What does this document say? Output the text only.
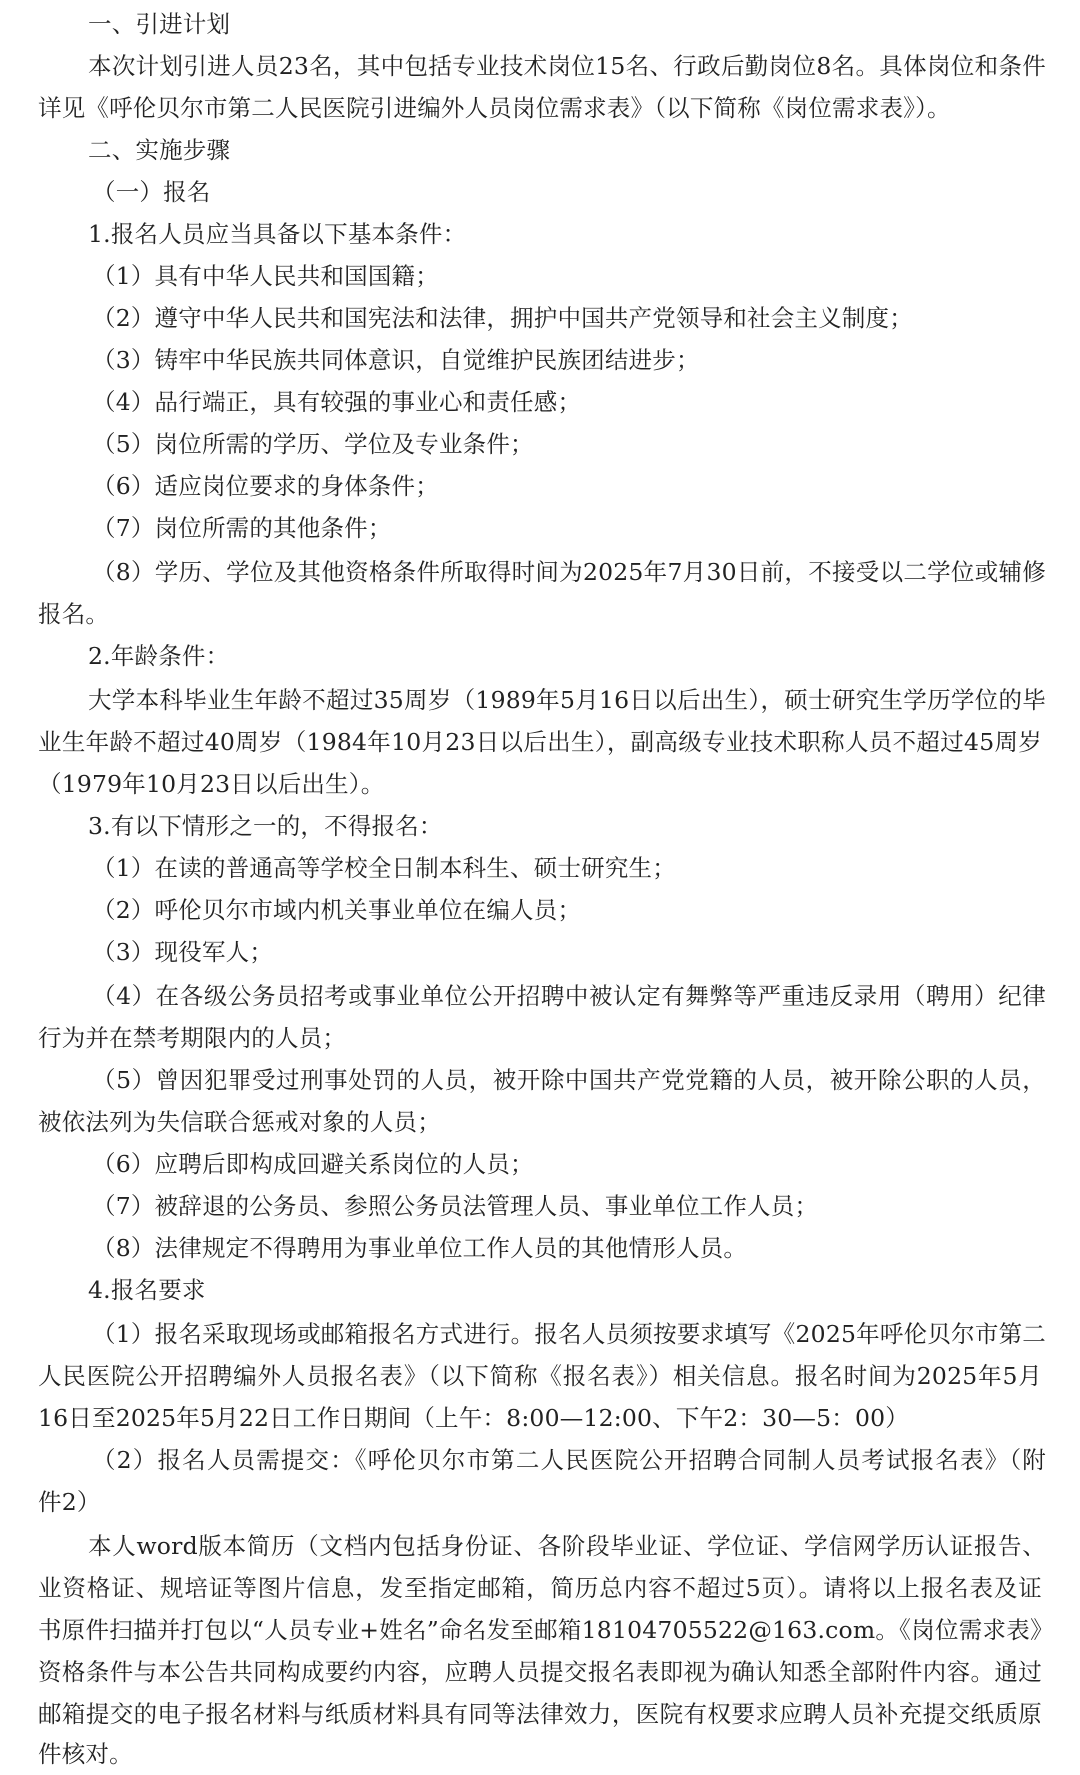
一、引进计划
本次计划引进人员23名，其中包括专业技术岗位15名、行政后勤岗位8名。具体岗位和条件
详见《呼伦贝尔市第二人民医院引进编外人员岗位需求表》（以下简称《岗位需求表》）。
二、实施步骤
（一）报名
1.报名人员应当具备以下基本条件：
（1）具有中华人民共和国国籍；
（2）遵守中华人民共和国宪法和法律，拥护中国共产党领导和社会主义制度；
（3）铸牢中华民族共同体意识，自觉维护民族团结进步；
（4）品行端正，具有较强的事业心和责任感；
（5）岗位所需的学历、学位及专业条件；
（6）适应岗位要求的身体条件；
（7）岗位所需的其他条件；
（8）学历、学位及其他资格条件所取得时间为2025年7月30日前，不接受以二学位或辅修
报名。
2.年龄条件：
大学本科毕业生年龄不超过35周岁（1989年5月16日以后出生），硕士研究生学历学位的毕
业生年龄不超过40周岁（1984年10月23日以后出生），副高级专业技术职称人员不超过45周岁
（1979年10月23日以后出生）。
3.有以下情形之一的，不得报名：
（1）在读的普通高等学校全日制本科生、硕士研究生；
（2）呼伦贝尔市域内机关事业单位在编人员；
（3）现役军人；
（4）在各级公务员招考或事业单位公开招聘中被认定有舞弊等严重违反录用（聘用）纪律
行为并在禁考期限内的人员；
（5）曾因犯罪受过刑事处罚的人员，被开除中国共产党党籍的人员，被开除公职的人员，
被依法列为失信联合惩戒对象的人员；
（6）应聘后即构成回避关系岗位的人员；
（7）被辞退的公务员、参照公务员法管理人员、事业单位工作人员；
（8）法律规定不得聘用为事业单位工作人员的其他情形人员。
4.报名要求
（1）报名采取现场或邮箱报名方式进行。报名人员须按要求填写《2025年呼伦贝尔市第二
人民医院公开招聘编外人员报名表》（以下简称《报名表》）相关信息。报名时间为2025年5月
16日至2025年5月22日工作日期间（上午：8:00—12:00、下午2：30—5：00）
（2）报名人员需提交：《呼伦贝尔市第二人民医院公开招聘合同制人员考试报名表》（附
件2）
本人word版本简历（文档内包括身份证、各阶段毕业证、学位证、学信网学历认证报告、
业资格证、规培证等图片信息，发至指定邮箱，简历总内容不超过5页）。请将以上报名表及证
书原件扫描并打包以“人员专业+姓名”命名发至邮箱18104705522@163.com。《岗位需求表》
资格条件与本公告共同构成要约内容，应聘人员提交报名表即视为确认知悉全部附件内容。通过
邮箱提交的电子报名材料与纸质材料具有同等法律效力，医院有权要求应聘人员补充提交纸质原
件核对。
